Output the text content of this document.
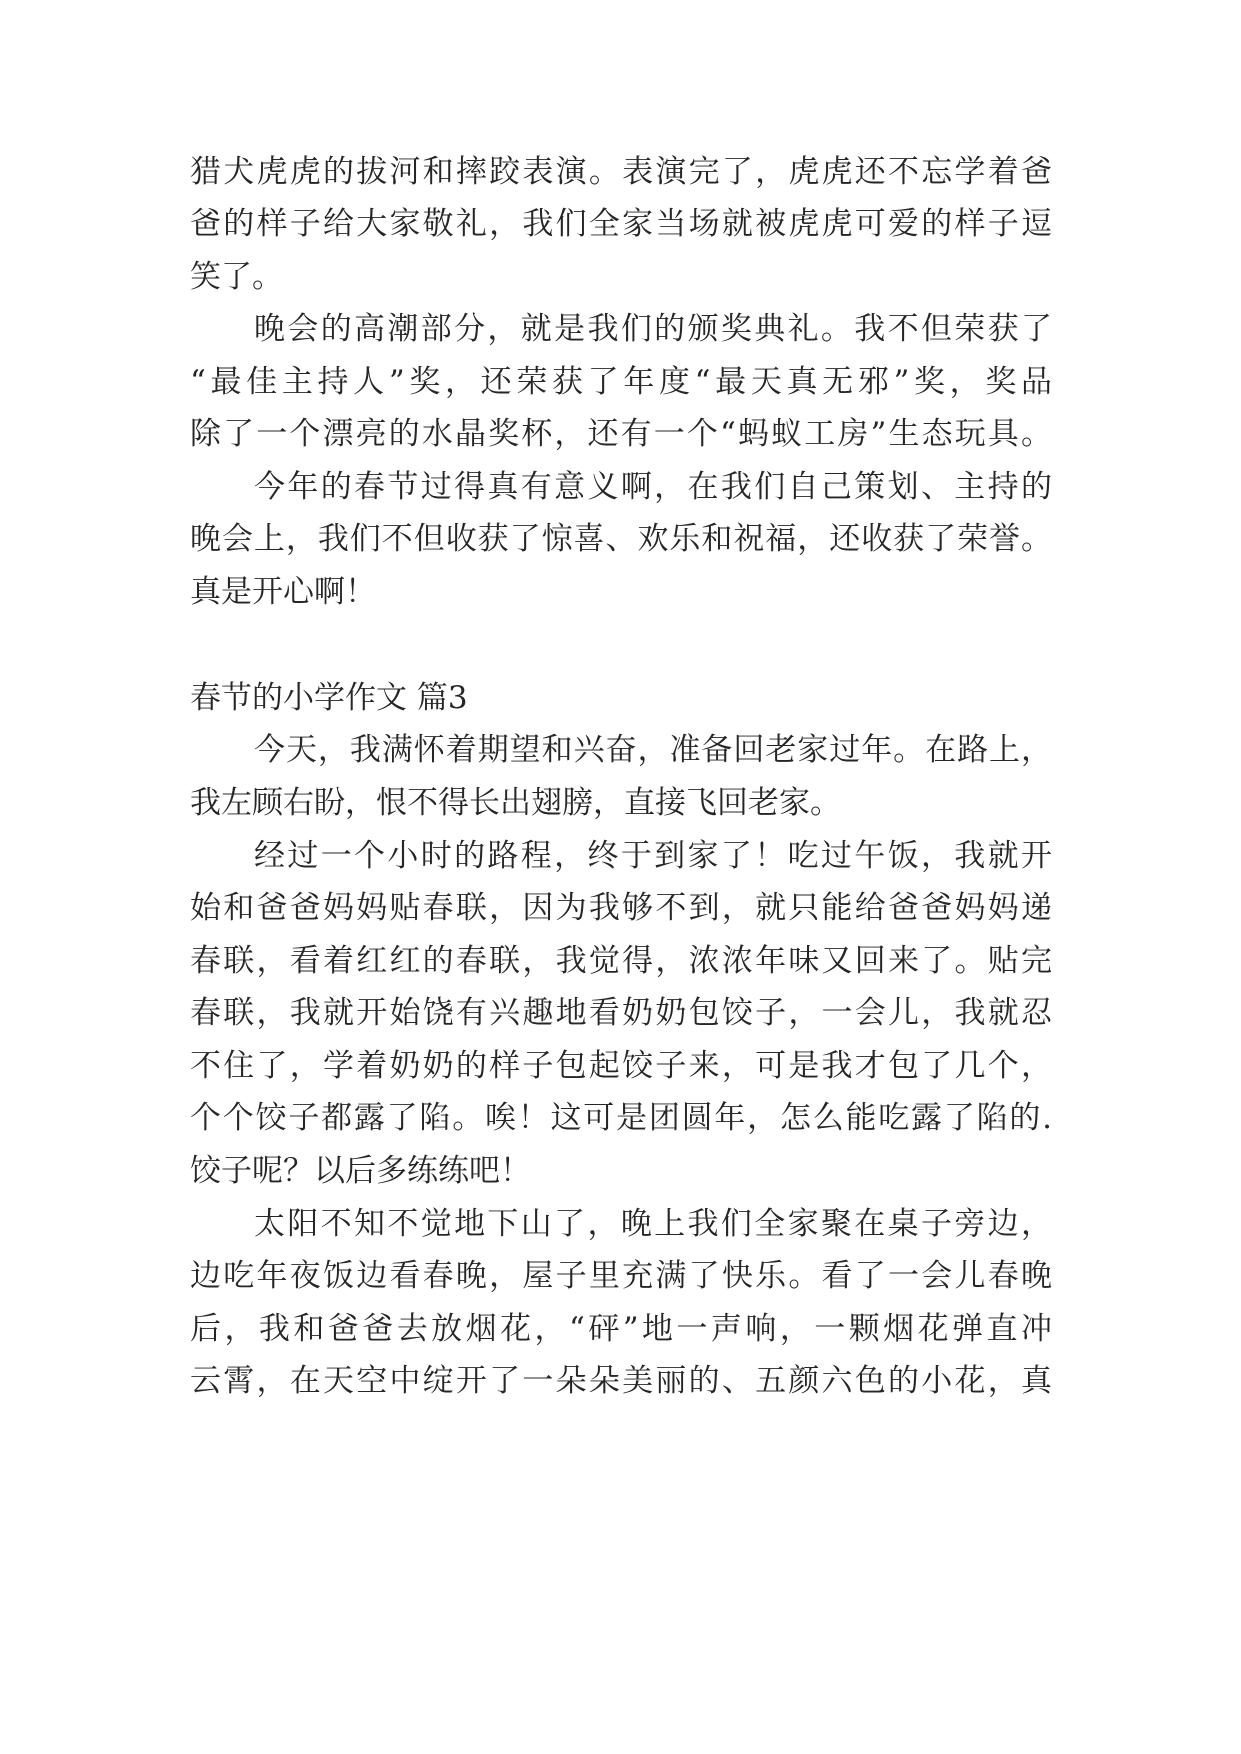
猎犬虎虎的拔河和摔跤表演。表演完了，虎虎还不忘学着爸
爸的样子给大家敬礼，我们全家当场就被虎虎可爱的样子逗
笑了。
晚会的高潮部分，就是我们的颁奖典礼。我不但荣获了
“最佳主持人”奖，还荣获了年度“最天真无邪”奖，奖品
除了一个漂亮的水晶奖杯，还有一个“蚂蚁工房”生态玩具。
今年的春节过得真有意义啊，在我们自己策划、主持的
晚会上，我们不但收获了惊喜、欢乐和祝福，还收获了荣誉。
真是开心啊！
春节的小学作文 篇3
今天，我满怀着期望和兴奋，准备回老家过年。在路上，
我左顾右盼，恨不得长出翅膀，直接飞回老家。
经过一个小时的路程，终于到家了！吃过午饭，我就开
始和爸爸妈妈贴春联，因为我够不到，就只能给爸爸妈妈递
春联，看着红红的春联，我觉得，浓浓年味又回来了。贴完
春联，我就开始饶有兴趣地看奶奶包饺子，一会儿，我就忍
不住了，学着奶奶的样子包起饺子来，可是我才包了几个，
个个饺子都露了陷。唉！这可是团圆年，怎么能吃露了陷的.
饺子呢？以后多练练吧！
太阳不知不觉地下山了，晚上我们全家聚在桌子旁边，
边吃年夜饭边看春晚，屋子里充满了快乐。看了一会儿春晚
后，我和爸爸去放烟花，“砰”地一声响，一颗烟花弹直冲
云霄，在天空中绽开了一朵朵美丽的、五颜六色的小花，真
